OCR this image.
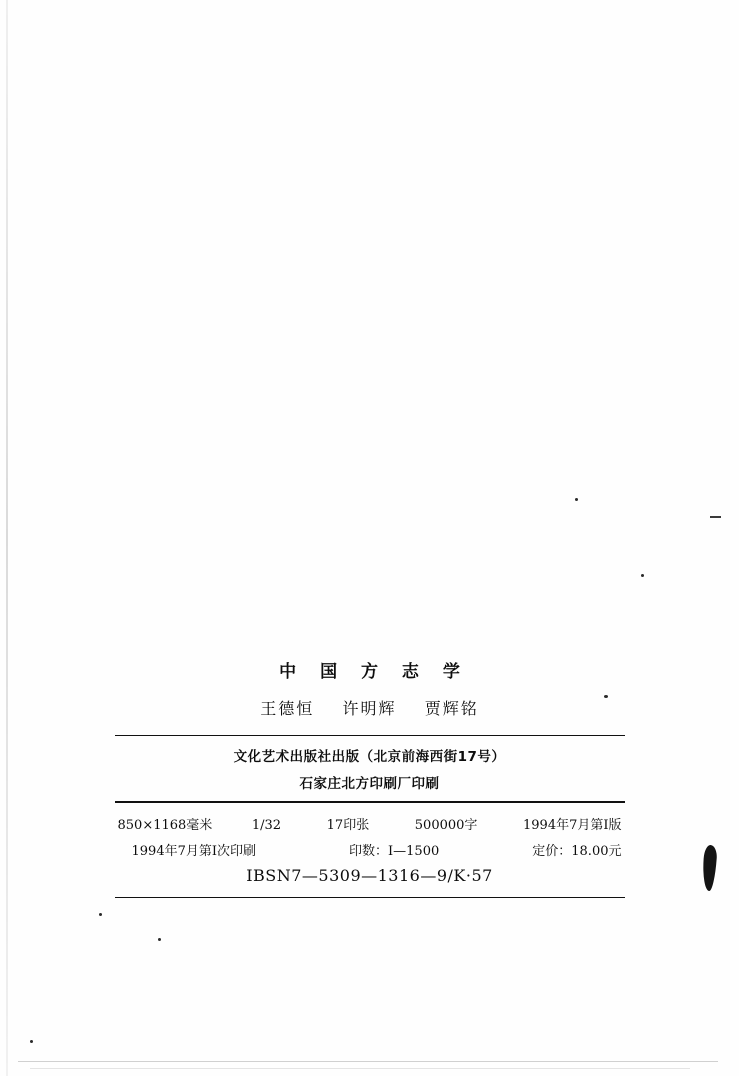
中 国 方 志 学
王德恒 许明辉 贾辉铭
文化艺术出版社出版（北京前海西街17号）
石家庄北方印刷厂印刷
850×1168毫米	1/32	17印张	500000字	1994年7月第Ⅰ版
1994年7月第Ⅰ次印刷	印数：Ⅰ—1500	定价：18.00元
IBSN7—5309—1316—9/K·57
